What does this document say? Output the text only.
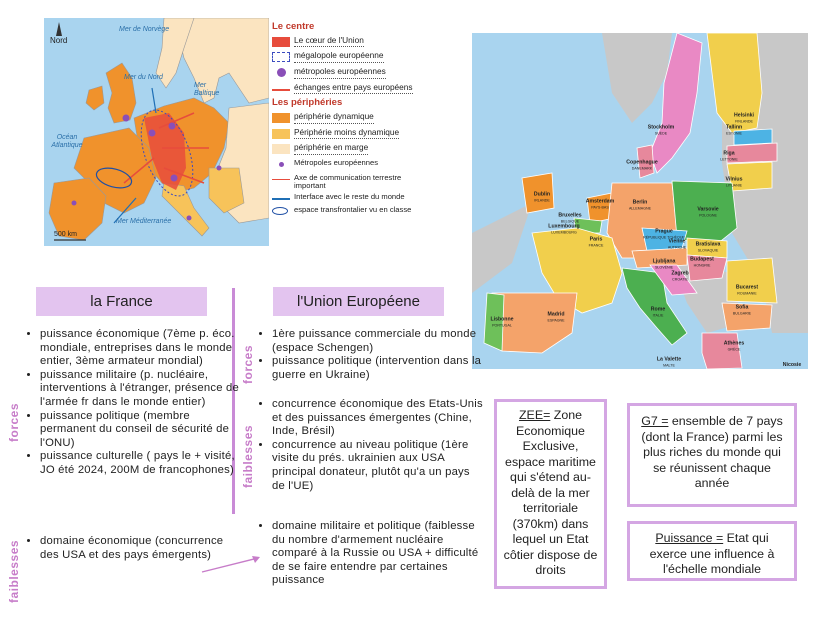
Nord
Mer de Norvège
Mer du Nord
Mer Baltique
Océan Atlantique
Mer Méditerranée
500 km
Le centre
Le cœur de l'Union
mégalopole européenne
métropoles européennes
échanges entre pays européens
Les périphéries
périphérie dynamique
Périphérie moins dynamique
périphérie en marge
Métropoles européennes
Axe de communication terrestre important
Interface avec le reste du monde
espace transfrontalier vu en classe
Helsinki
FINLANDE
Stockholm
SUÈDE
Tallinn
ESTONIE
Riga
LETTONIE
Vilnius
LITUANIE
Copenhague
DANEMARK
Dublin
IRLANDE	Amsterdam
PAYS-BAS
Berlin
ALLEMAGNE	Varsovie
POLOGNE
Bruxelles
BELGIQUE
Luxembourg
LUXEMBOURG	Prague
RÉPUBLIQUE TCHÈQUE
Paris
FRANCE
Vienne
AUTRICHE Bratislava
SLOVAQUIE
Budapest
HONGRIE
Ljubljana
SLOVÉNIE
Zagreb
CROATIE
Bucarest
ROUMANIE
Sofia
BULGARIE
Lisbonne
PORTUGAL
Madrid
ESPAGNE
Rome
ITALIE
Athènes
GRÈCE
La Valette
MALTE	Nicosie
la France
forces
faiblesses
• puissance économique (7ème p. éco. mondiale, entreprises dans le monde entier, 3ème armateur mondial)
• puissance militaire (p. nucléaire, interventions à l'étranger, présence de l'armée fr dans le monde entier)
• puissance politique (membre permanent du conseil de sécurité de l'ONU)
• puissance culturelle ( pays le + visité, JO été 2024, 200M de francophones)
• domaine économique (concurrence des USA et des pays émergents)
l'Union Européene
forces
faiblesses
• 1ère puissance commerciale du monde (espace Schengen)
• puissance politique (intervention dans la guerre en Ukraine)
• concurrence économique des Etats-Unis et des puissances émergentes (Chine, Inde, Brésil)
• concurrence au niveau politique (1ère visite du prés. ukrainien aux USA principal donateur, plutôt qu'a un pays de l'UE)
• domaine militaire et politique (faiblesse du nombre d'armement nucléaire comparé à la Russie ou USA + difficulté de se faire entendre par certaines puissance
ZEE= Zone Economique Exclusive, espace maritime qui s'étend au-delà de la mer territoriale (370km) dans lequel un Etat côtier dispose de droits
G7 = ensemble de 7 pays (dont la France) parmi les plus riches du monde qui se réunissent chaque année
Puissance = Etat qui exerce une influence à l'échelle mondiale
